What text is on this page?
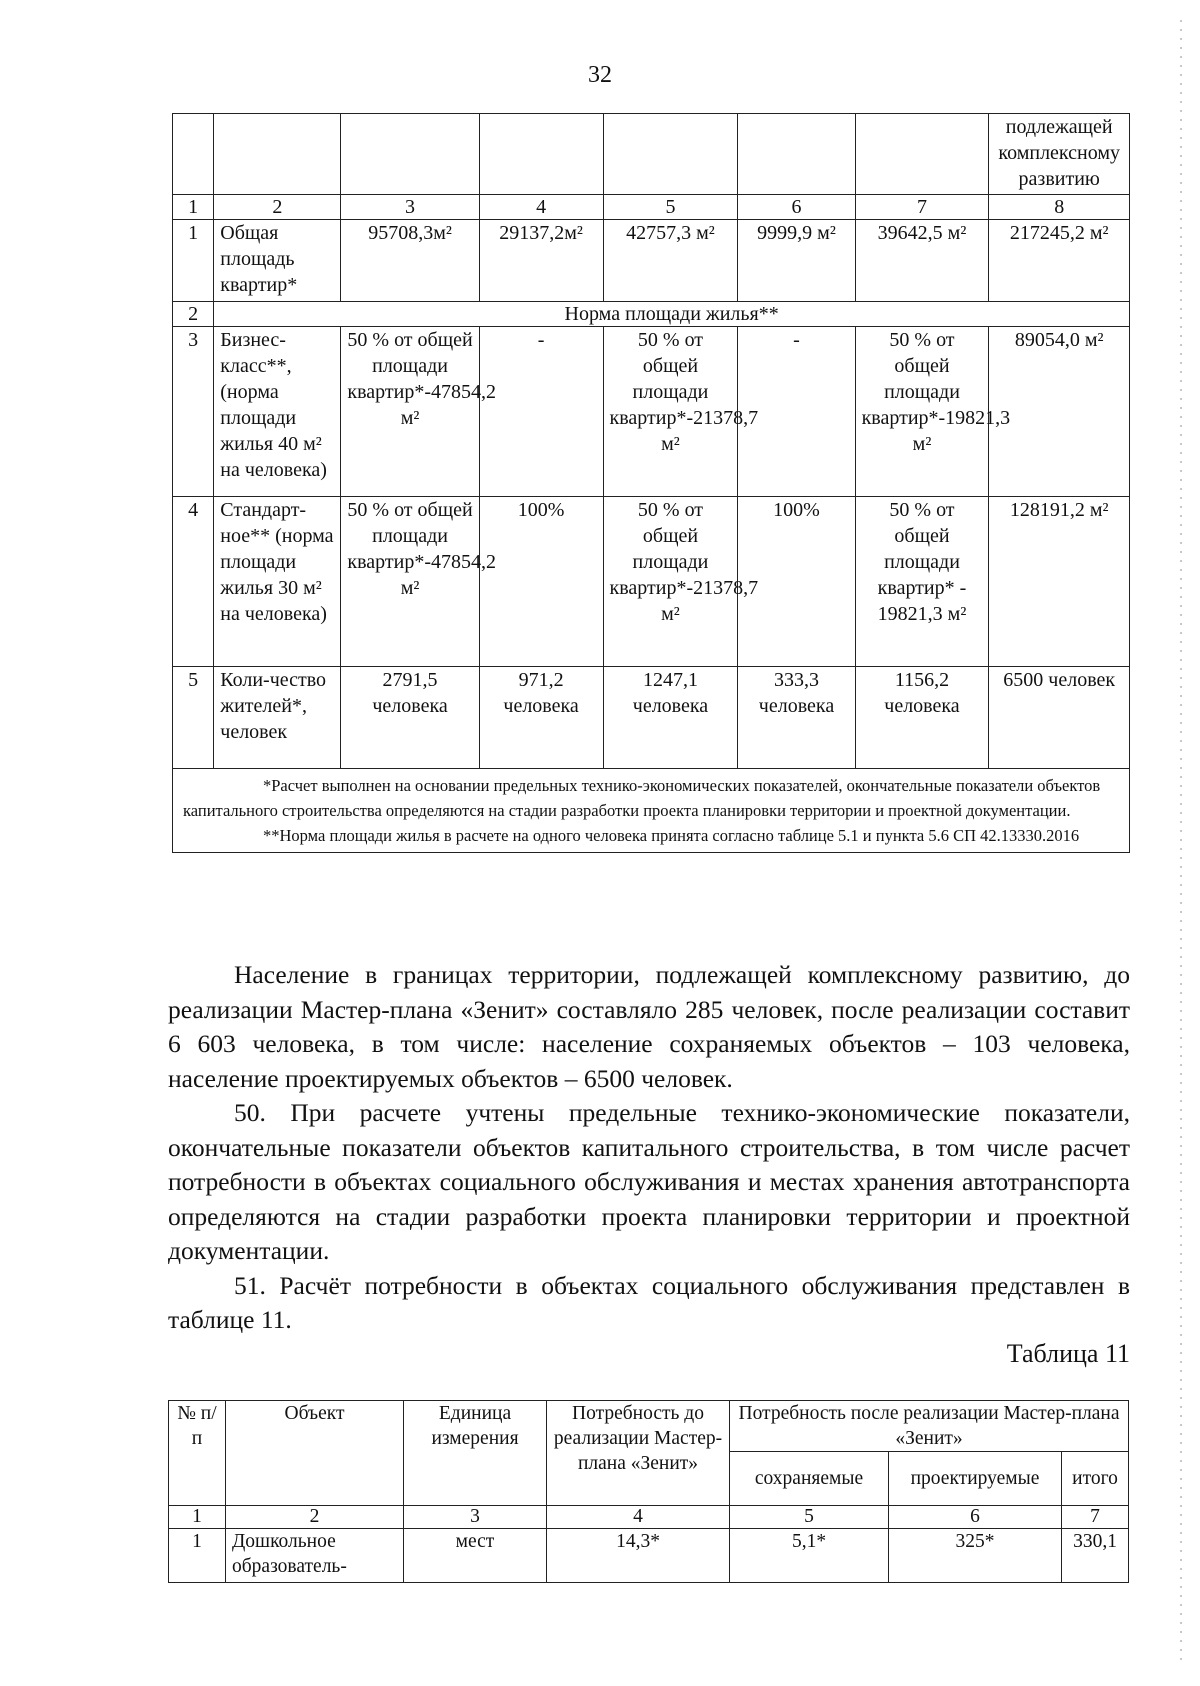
32
							подлежащей комплексному развитию
1	2	3	4	5	6	7	8
1	Общая площадь квартир*	95708,3м²	29137,2м²	42757,3 м²	9999,9 м²	39642,5 м²	217245,2 м²
2	Норма площади жилья**						
3	Бизнес-класс**, (норма площади жилья 40 м² на человека)	50 % от общей площади квартир*-47854,2 м²	-	50 % от общей площади квартир*-21378,7 м²	-	50 % от общей площади квартир*-19821,3 м²	89054,0 м²
4	Стандарт-ное** (норма площади жилья 30 м² на человека)	50 % от общей площади квартир*-47854,2 м²	100%	50 % от общей площади квартир*-21378,7 м²	100%	50 % от общей площади квартир* - 19821,3 м²	128191,2 м²
5	Коли-чество жителей*, человек	2791,5 человека	971,2 человека	1247,1 человека	333,3 человека	1156,2 человека	6500 человек

*Расчет выполнен на основании предельных технико-экономических показателей, окончательные показатели объектов капитального строительства определяются на стадии разработки проекта планировки территории и проектной документации.
**Норма площади жилья в расчете на одного человека принята согласно таблице 5.1 и пункта 5.6 СП 42.13330.2016							

Население в границах территории, подлежащей комплексному развитию, до реализации Мастер-плана «Зенит» составляло 285 человек, после реализации составит 6 603 человека, в том числе: население сохраняемых объектов – 103 человека, население проектируемых объектов – 6500 человек.

50. При расчете учтены предельные технико-экономические показатели, окончательные показатели объектов капитального строительства, в том числе расчет потребности в объектах социального обслуживания и местах хранения автотранспорта определяются на стадии разработки проекта планировки территории и проектной документации.

51. Расчёт потребности в объектах социального обслуживания представлен в таблице 11.

Таблица 11
№ п/п	Объект	Единица измерения	Потребность до реализации Мастер-плана «Зенит»	Потребность после реализации Мастер-плана «Зенит»		
				сохраняемые	проектируемые	итого
1	2	3	4	5	6	7
1	Дошкольное образователь-	мест	14,3*	5,1*	325*	330,1
